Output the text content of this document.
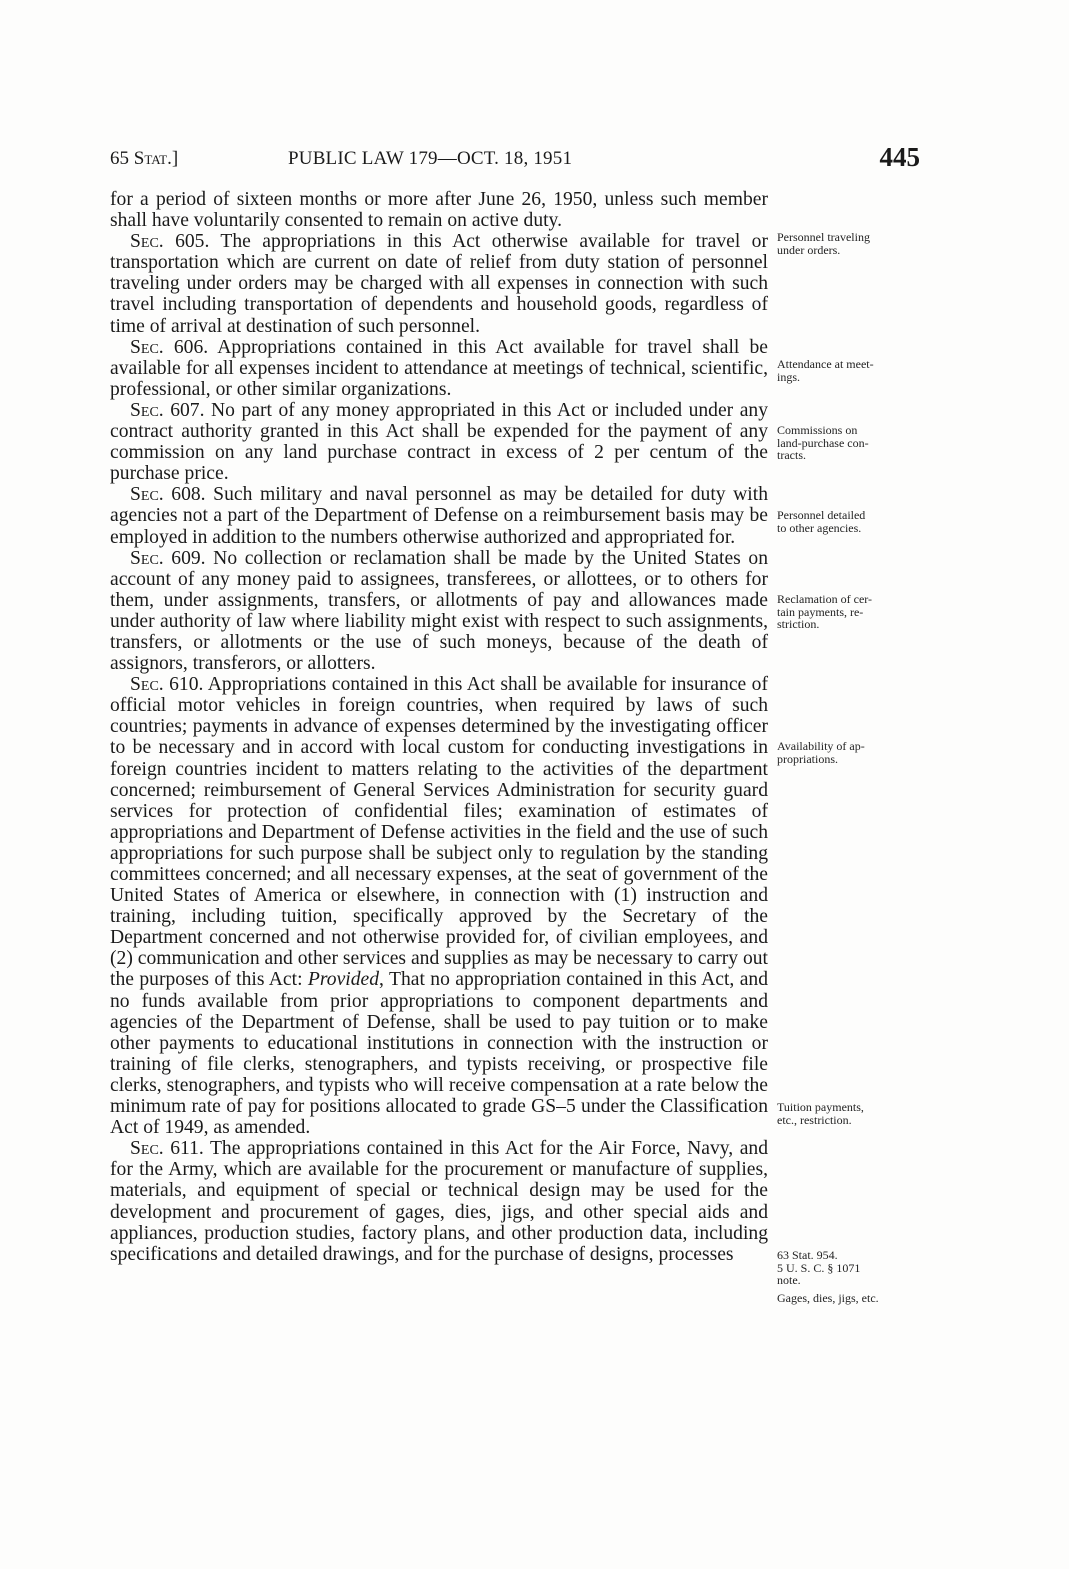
65 Stat.]	PUBLIC LAW 179—OCT. 18, 1951	445

for a period of sixteen months or more after June 26, 1950, unless such member shall have voluntarily consented to remain on active duty.

Sec. 605. The appropriations in this Act otherwise available for travel or transportation which are current on date of relief from duty station of personnel traveling under orders may be charged with all expenses in connection with such travel including transportation of dependents and household goods, regardless of time of arrival at destination of such personnel.

Sec. 606. Appropriations contained in this Act available for travel shall be available for all expenses incident to attendance at meetings of technical, scientific, professional, or other similar organizations.

Sec. 607. No part of any money appropriated in this Act or included under any contract authority granted in this Act shall be expended for the payment of any commission on any land purchase contract in excess of 2 per centum of the purchase price.

Sec. 608. Such military and naval personnel as may be detailed for duty with agencies not a part of the Department of Defense on a reimbursement basis may be employed in addition to the numbers otherwise authorized and appropriated for.

Sec. 609. No collection or reclamation shall be made by the United States on account of any money paid to assignees, transferees, or allottees, or to others for them, under assignments, transfers, or allotments of pay and allowances made under authority of law where liability might exist with respect to such assignments, transfers, or allotments or the use of such moneys, because of the death of assignors, transferors, or allotters.

Sec. 610. Appropriations contained in this Act shall be available for insurance of official motor vehicles in foreign countries, when required by laws of such countries; payments in advance of expenses determined by the investigating officer to be necessary and in accord with local custom for conducting investigations in foreign countries incident to matters relating to the activities of the department concerned; reimbursement of General Services Administration for security guard services for protection of confidential files; examination of estimates of appropriations and Department of Defense activities in the field and the use of such appropriations for such purpose shall be subject only to regulation by the standing committees concerned; and all necessary expenses, at the seat of government of the United States of America or elsewhere, in connection with (1) instruction and training, including tuition, specifically approved by the Secretary of the Department concerned and not otherwise provided for, of civilian employees, and (2) communication and other services and supplies as may be necessary to carry out the purposes of this Act: Provided, That no appropriation contained in this Act, and no funds available from prior appropriations to component departments and agencies of the Department of Defense, shall be used to pay tuition or to make other payments to educational institutions in connection with the instruction or training of file clerks, stenographers, and typists receiving, or prospective file clerks, stenographers, and typists who will receive compensation at a rate below the minimum rate of pay for positions allocated to grade GS–5 under the Classification Act of 1949, as amended.

Sec. 611. The appropriations contained in this Act for the Air Force, Navy, and for the Army, which are available for the procurement or manufacture of supplies, materials, and equipment of special or technical design may be used for the development and procurement of gages, dies, jigs, and other special aids and appliances, production studies, factory plans, and other production data, including specifications and detailed drawings, and for the purchase of designs, processes

Personnel traveling
under orders.
Attendance at meet-
ings.
Commissions on
land-purchase con-
tracts.
Personnel detailed
to other agencies.
Reclamation of cer-
tain payments, re-
striction.
Availability of ap-
propriations.
Tuition payments,
etc., restriction.
63 Stat. 954.
5 U. S. C. § 1071
note.
Gages, dies, jigs, etc.
